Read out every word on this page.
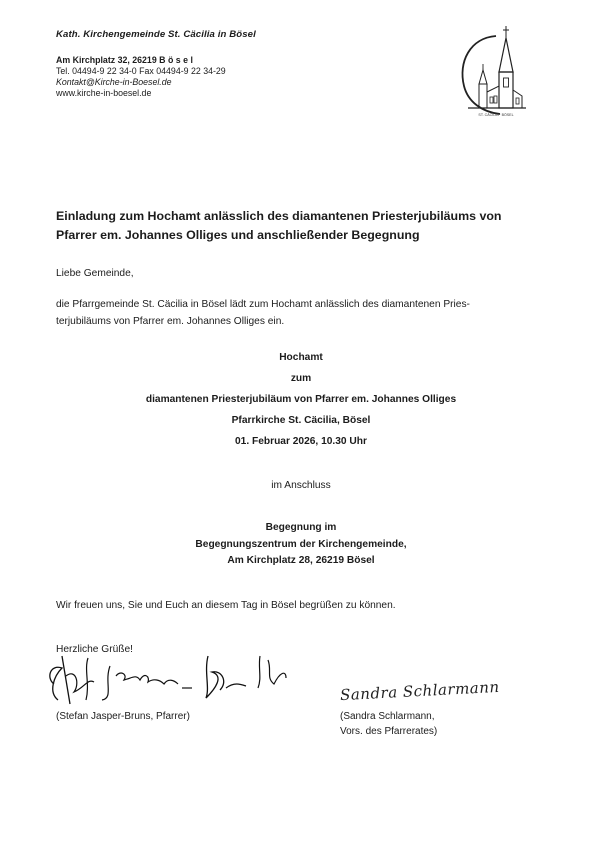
Kath. Kirchengemeinde St. Cäcilia in Bösel
Am Kirchplatz 32, 26219 B ö s e l
Tel. 04494-9 22 34-0 Fax 04494-9 22 34-29
Kontakt@Kirche-in-Boesel.de
www.kirche-in-boesel.de
ST. CÄCILIA · BÖSEL
Einladung zum Hochamt anlässlich des diamantenen Priesterjubiläums von
Pfarrer em. Johannes Olliges und anschließender Begegnung
Liebe Gemeinde,
die Pfarrgemeinde St. Cäcilia in Bösel lädt zum Hochamt anlässlich des diamantenen Pries-
terjubiläums von Pfarrer em. Johannes Olliges ein.
Hochamt
zum
diamantenen Priesterjubiläum von Pfarrer em. Johannes Olliges
Pfarrkirche St. Cäcilia, Bösel
01. Februar 2026, 10.30 Uhr
im Anschluss
Begegnung im
Begegnungszentrum der Kirchengemeinde,
Am Kirchplatz 28, 26219 Bösel
Wir freuen uns, Sie und Euch an diesem Tag in Bösel begrüßen zu können.
Herzliche Grüße!
(Stefan Jasper-Bruns, Pfarrer)
Sandra Schlarmann
(Sandra Schlarmann,
Vors. des Pfarrerates)
